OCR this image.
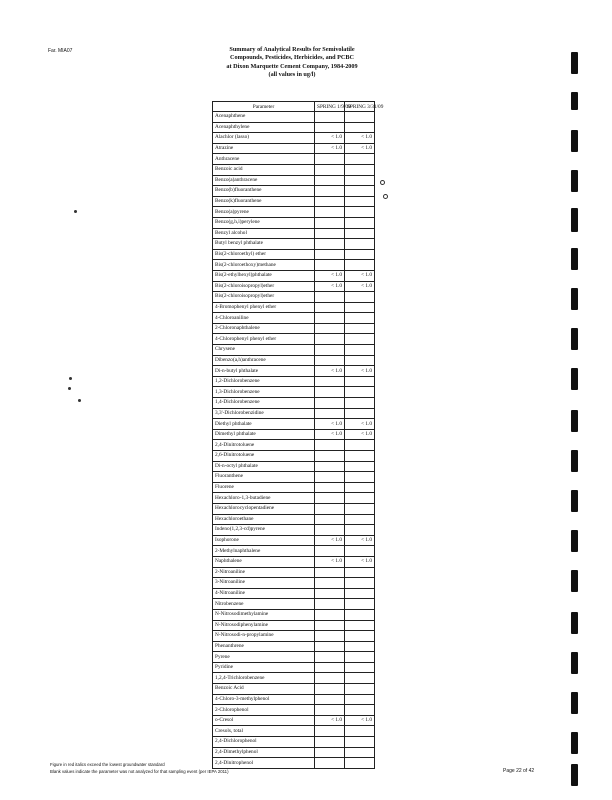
Far. MIA07	Summary of Analytical Results for Semivolatile
Compounds, Pesticides, Herbicides, and PCBC
at Dixon Marquette Cement Company, 1984-2009
(all values in ug/l)
Parameter	SPRING 1/9/09	SPRING 3/31/09
Acenaphthene		
Acenaphthylene		
Alachlor (lasso)	< 1.0	< 1.0
Atrazine	< 1.0	< 1.0
Anthracene		
Benzoic acid		
Benzo(a)anthracene		
Benzo(b)fluoranthene		
Benzo(k)fluoranthene		
Benzo(a)pyrene		
Benzo(g,h,i)perylene		
Benzyl alcohol		
Butyl benzyl phthalate		
Bis(2-chloroethyl) ether		
Bis(2-chloroethoxy)methane		
Bis(2-ethylhexyl)phthalate	< 1.0	< 1.0
Bis(2-chloroisopropyl)ether	< 1.0	< 1.0
Bis(2-chloroisopropyl)ether		
4-Bromophenyl phenyl ether		
4-Chloroaniline		
2-Chloronaphthalene		
4-Chlorophenyl phenyl ether		
Chrysene		
Dibenzo(a,h)anthracene		
Di-n-butyl phthalate	< 1.0	< 1.0
1,2-Dichlorobenzene		
1,3-Dichlorobenzene		
1,4-Dichlorobenzene		
3,3'-Dichlorobenzidine		
Diethyl phthalate	< 1.0	< 1.0
Dimethyl phthalate	< 1.0	< 1.0
2,4-Dinitrotoluene		
2,6-Dinitrotoluene		
Di-n-octyl phthalate		
Fluoranthene		
Fluorene		
Hexachloro-1,3-butadiene		
Hexachlorocyclopentadiene		
Hexachloroethane		
Indeno(1,2,3-cd)pyrene		
Isophorone	< 1.0	< 1.0
2-Methylnaphthalene		
Naphthalene	< 1.0	< 1.0
2-Nitroaniline		
3-Nitroaniline		
4-Nitroaniline		
Nitrobenzene		
N-Nitrosodimethylamine		
N-Nitrosodiphenylamine		
N-Nitrosodi-n-propylamine		
Phenanthrene		
Pyrene		
Pyridine		
1,2,4-Trichlorobenzene		
Benzoic Acid		
4-Chloro-3-methylphenol		
2-Chlorophenol		
o-Cresol	< 1.0	< 1.0
Cresols, total		
2,4-Dichlorophenol		
2,4-Dimethylphenol		
2,4-Dinitrophenol		
Figure in red italics exceed the lowest groundwater standard
Blank values indicate the parameter was not analyzed for that sampling event (per IEPA 2011)	Page 22 of 42
